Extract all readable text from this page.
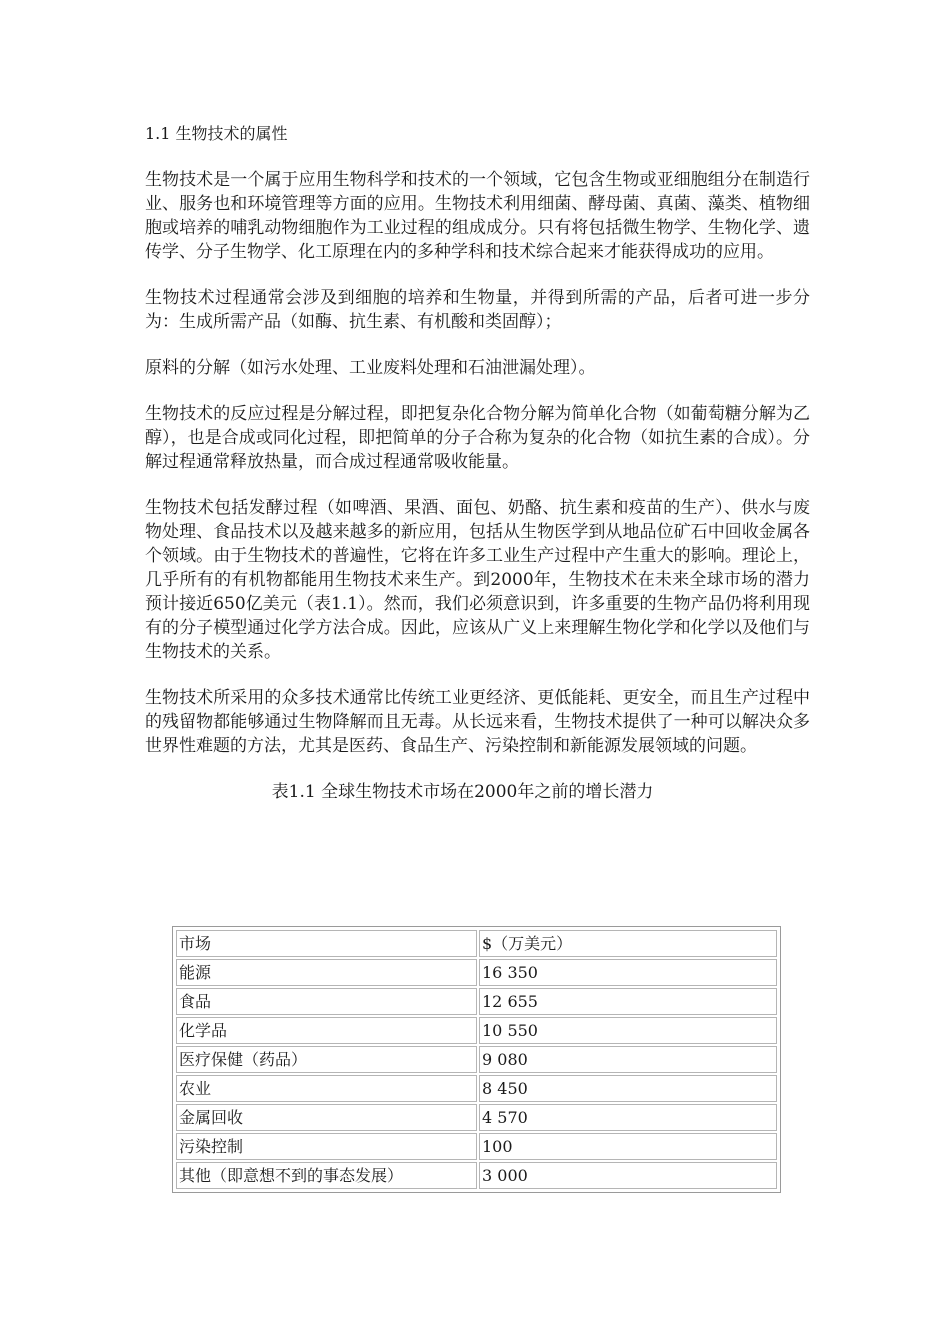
1.1 生物技术的属性

生物技术是一个属于应用生物科学和技术的一个领域，它包含生物或亚细胞组分在制造行业、服务也和环境管理等方面的应用。生物技术利用细菌、酵母菌、真菌、藻类、植物细胞或培养的哺乳动物细胞作为工业过程的组成成分。只有将包括微生物学、生物化学、遗传学、分子生物学、化工原理在内的多种学科和技术综合起来才能获得成功的应用。

生物技术过程通常会涉及到细胞的培养和生物量，并得到所需的产品，后者可进一步分为：生成所需产品（如酶、抗生素、有机酸和类固醇）；

原料的分解（如污水处理、工业废料处理和石油泄漏处理）。

生物技术的反应过程是分解过程，即把复杂化合物分解为简单化合物（如葡萄糖分解为乙醇），也是合成或同化过程，即把简单的分子合称为复杂的化合物（如抗生素的合成）。分解过程通常释放热量，而合成过程通常吸收能量。

生物技术包括发酵过程（如啤酒、果酒、面包、奶酪、抗生素和疫苗的生产）、供水与废物处理、食品技术以及越来越多的新应用，包括从生物医学到从地品位矿石中回收金属各个领域。由于生物技术的普遍性，它将在许多工业生产过程中产生重大的影响。理论上，几乎所有的有机物都能用生物技术来生产。到2000年，生物技术在未来全球市场的潜力预计接近650亿美元（表1.1）。然而，我们必须意识到，许多重要的生物产品仍将利用现有的分子模型通过化学方法合成。因此，应该从广义上来理解生物化学和化学以及他们与生物技术的关系。

生物技术所采用的众多技术通常比传统工业更经济、更低能耗、更安全，而且生产过程中的残留物都能够通过生物降解而且无毒。从长远来看，生物技术提供了一种可以解决众多世界性难题的方法，尤其是医药、食品生产、污染控制和新能源发展领域的问题。

表1.1 全球生物技术市场在2000年之前的增长潜力
市场	$（万美元）
能源	16 350
食品	12 655
化学品	10 550
医疗保健（药品）	9 080
农业	8 450
金属回收	4 570
污染控制	100
其他（即意想不到的事态发展）	3 000
